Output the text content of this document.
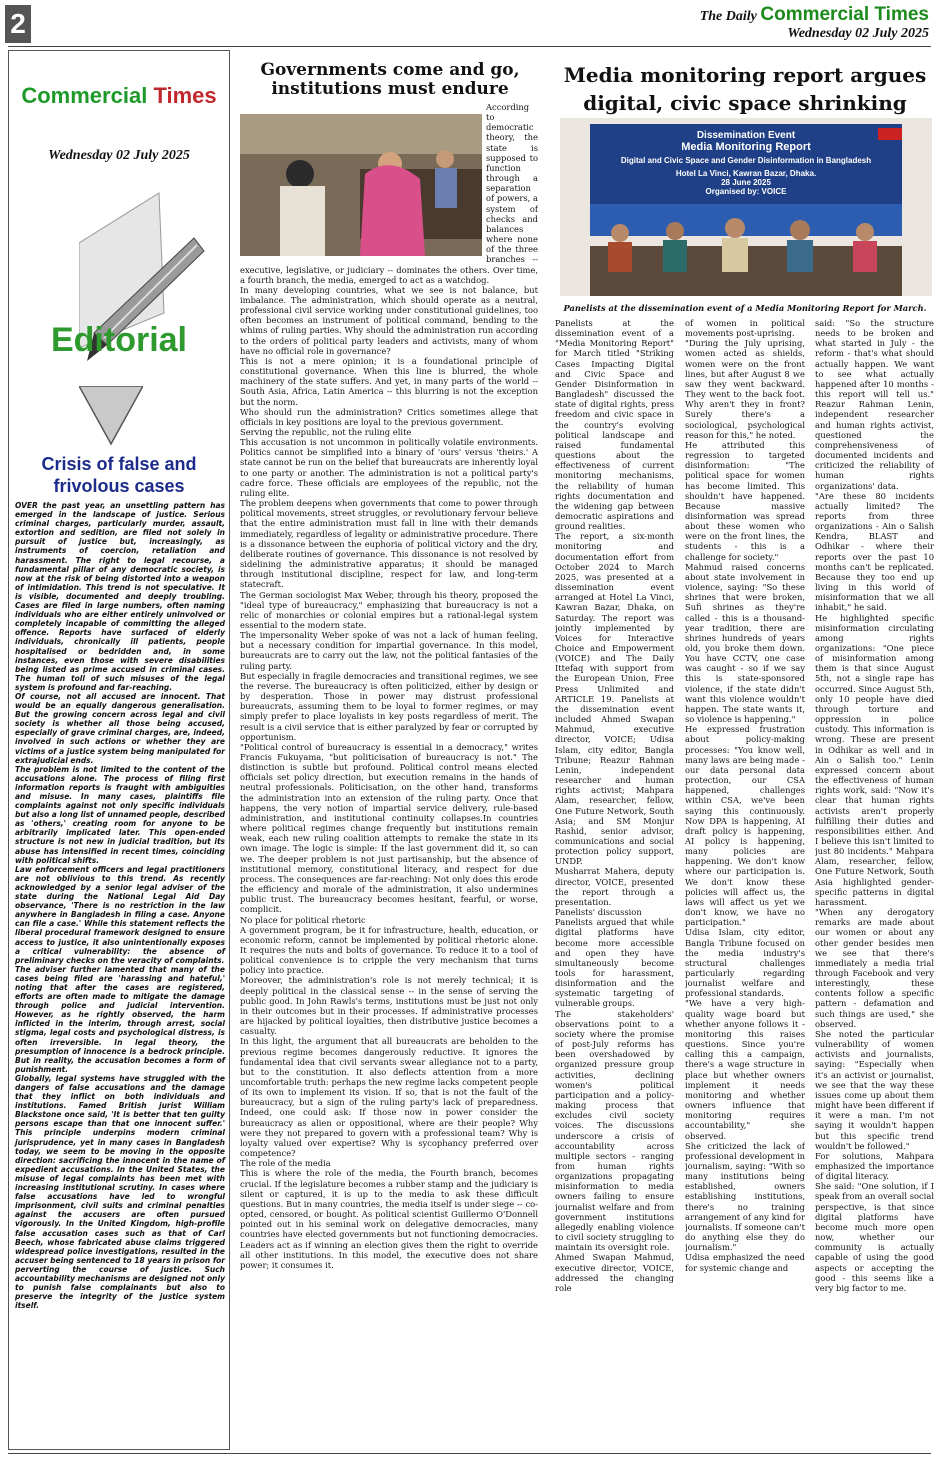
2	The Daily Commercial Times
Wednesday 02 July 2025
Commercial Times
Wednesday 02 July 2025
Editorial
Crisis of false and frivolous cases

OVER the past year, an unsettling pattern has emerged in the landscape of justice. Serious criminal charges, particularly murder, assault, extortion and sedition, are filed not solely in pursuit of justice but, increasingly, as instruments of coercion, retaliation and harassment. The right to legal recourse, a fundamental pillar of any democratic society, is now at the risk of being distorted into a weapon of intimidation. This trend is not speculative. It is visible, documented and deeply troubling. Cases are filed in large numbers, often naming individuals who are either entirely uninvolved or completely incapable of committing the alleged offence. Reports have surfaced of elderly individuals, chronically ill patients, people hospitalised or bedridden and, in some instances, even those with severe disabilities being listed as prime accused in criminal cases. The human toll of such misuses of the legal system is profound and far-reaching.

Of course, not all accused are innocent. That would be an equally dangerous generalisation. But the growing concern across legal and civil society is whether all those being accused, especially of grave criminal charges, are, indeed, involved in such actions or whether they are victims of a justice system being manipulated for extrajudicial ends.

The problem is not limited to the content of the accusations alone. The process of filing first information reports is fraught with ambiguities and misuse. In many cases, plaintiffs file complaints against not only specific individuals but also a long list of unnamed people, described as 'others,' creating room for anyone to be arbitrarily implicated later. This open-ended structure is not new in judicial tradition, but its abuse has intensified in recent times, coinciding with political shifts.

Law enforcement officers and legal practitioners are not oblivious to this trend. As recently acknowledged by a senior legal adviser of the state during the National Legal Aid Day observance, 'There is no restriction in the law anywhere in Bangladesh in filing a case. Anyone can file a case.' While this statement reflects the liberal procedural framework designed to ensure access to justice, it also unintentionally exposes a critical vulnerability: the absence of preliminary checks on the veracity of complaints.

The adviser further lamented that many of the cases being filed are 'harassing and hateful,' noting that after the cases are registered, efforts are often made to mitigate the damage through police and judicial intervention. However, as he rightly observed, the harm inflicted in the interim, through arrest, social stigma, legal costs and psychological distress, is often irreversible. In legal theory, the presumption of innocence is a bedrock principle. But in reality, the accusation becomes a form of punishment.

Globally, legal systems have struggled with the dangers of false accusations and the damage that they inflict on both individuals and institutions. Famed British jurist William Blackstone once said, 'It is better that ten guilty persons escape than that one innocent suffer.' This principle underpins modern criminal jurisprudence, yet in many cases in Bangladesh today, we seem to be moving in the opposite direction: sacrificing the innocent in the name of expedient accusations. In the United States, the misuse of legal complaints has been met with increasing institutional scrutiny. In cases where false accusations have led to wrongful imprisonment, civil suits and criminal penalties against the accusers are often pursued vigorously. In the United Kingdom, high-profile false accusation cases such as that of Carl Beech, whose fabricated abuse claims triggered widespread police investigations, resulted in the accuser being sentenced to 18 years in prison for perverting the course of justice. Such accountability mechanisms are designed not only to punish false complainants but also to preserve the integrity of the justice system itself.

Governments come and go, institutions must endure

According to democratic theory, the state is supposed to function through a separation of powers, a system of checks and balances where none of the three branches -- executive, legislative, or judiciary -- dominates the others. Over time, a fourth branch, the media, emerged to act as a watchdog.

In many developing countries, what we see is not balance, but imbalance. The administration, which should operate as a neutral, professional civil service working under constitutional guidelines, too often becomes an instrument of political command, bending to the whims of ruling parties. Why should the administration run according to the orders of political party leaders and activists, many of whom have no official role in governance?

This is not a mere opinion; it is a foundational principle of constitutional governance. When this line is blurred, the whole machinery of the state suffers. And yet, in many parts of the world -- South Asia, Africa, Latin America -- this blurring is not the exception but the norm.

Who should run the administration? Critics sometimes allege that officials in key positions are loyal to the previous government.

Serving the republic, not the ruling elite

This accusation is not uncommon in politically volatile environments. Politics cannot be simplified into a binary of 'ours' versus 'theirs.' A state cannot be run on the belief that bureaucrats are inherently loyal to one party or another. The administration is not a political party's cadre force. These officials are employees of the republic, not the ruling elite.

The problem deepens when governments that come to power through political movements, street struggles, or revolutionary fervour believe that the entire administration must fall in line with their demands immediately, regardless of legality or administrative procedure. There is a dissonance between the euphoria of political victory and the dry, deliberate routines of governance. This dissonance is not resolved by sidelining the administrative apparatus; it should be managed through institutional discipline, respect for law, and long-term statecraft.

The German sociologist Max Weber, through his theory, proposed the "ideal type of bureaucracy," emphasizing that bureaucracy is not a relic of monarchies or colonial empires but a rational-legal system essential to the modern state.

The impersonality Weber spoke of was not a lack of human feeling, but a necessary condition for impartial governance. In this model, bureaucrats are to carry out the law, not the political fantasies of the ruling party.

But especially in fragile democracies and transitional regimes, we see the reverse. The bureaucracy is often politicized, either by design or by desperation. Those in power may distrust professional bureaucrats, assuming them to be loyal to former regimes, or may simply prefer to place loyalists in key posts regardless of merit. The result is a civil service that is either paralyzed by fear or corrupted by opportunism.

"Political control of bureaucracy is essential in a democracy," writes Francis Fukuyama, "but politicisation of bureaucracy is not." The distinction is subtle but profound. Political control means elected officials set policy direction, but execution remains in the hands of neutral professionals. Politicisation, on the other hand, transforms the administration into an extension of the ruling party. Once that happens, the very notion of impartial service delivery, rule-based administration, and institutional continuity collapses.In countries where political regimes change frequently but institutions remain weak, each new ruling coalition attempts to remake the state in its own image. The logic is simple: If the last government did it, so can we. The deeper problem is not just partisanship, but the absence of institutional memory, constitutional literacy, and respect for due process. The consequences are far-reaching: Not only does this erode the efficiency and morale of the administration, it also undermines public trust. The bureaucracy becomes hesitant, fearful, or worse, complicit.

No place for political rhetoric

A government program, be it for infrastructure, health, education, or economic reform, cannot be implemented by political rhetoric alone. It requires the nuts and bolts of governance. To reduce it to a tool of political convenience is to cripple the very mechanism that turns policy into practice.

Moreover, the administration's role is not merely technical; it is deeply political in the classical sense -- in the sense of serving the public good. In John Rawls's terms, institutions must be just not only in their outcomes but in their processes. If administrative processes are hijacked by political loyalties, then distributive justice becomes a casualty.

In this light, the argument that all bureaucrats are beholden to the previous regime becomes dangerously reductive. It ignores the fundamental idea that civil servants swear allegiance not to a party, but to the constitution. It also deflects attention from a more uncomfortable truth: perhaps the new regime lacks competent people of its own to implement its vision. If so, that is not the fault of the bureaucracy, but a sign of the ruling party's lack of preparedness. Indeed, one could ask: If those now in power consider the bureaucracy as alien or oppositional, where are their people? Why were they not prepared to govern with a professional team? Why is loyalty valued over expertise? Why is sycophancy preferred over competence?

The role of the media

This is where the role of the media, the Fourth branch, becomes crucial. If the legislature becomes a rubber stamp and the judiciary is silent or captured, it is up to the media to ask these difficult questions. But in many countries, the media itself is under siege -- co-opted, censored, or bought. As political scientist Guillermo O'Donnell pointed out in his seminal work on delegative democracies, many countries have elected governments but not functioning democracies. Leaders act as if winning an election gives them the right to override all other institutions. In this model, the executive does not share power; it consumes it.

Media monitoring report argues digital, civic space shrinking
Dissemination Event
Media Monitoring Report
Digital and Civic Space and Gender Disinformation in Bangladesh
Hotel La Vinci, Kawran Bazar, Dhaka.
28 June 2025
Organised by: VOICE
Panelists at the dissemination event of a Media Monitoring Report for March.

Panelists at the dissemination event of a "Media Monitoring Report" for March titled "Striking Cases Impacting Digital and Civic Space and Gender Disinformation in Bangladesh" discussed the state of digital rights, press freedom and civic space in the country's evolving political landscape and raised fundamental questions about the effectiveness of current monitoring mechanisms, the reliability of human rights documentation and the widening gap between democratic aspirations and ground realities.

The report, a six-month monitoring and documentation effort from October 2024 to March 2025, was presented at a dissemination event arranged at Hotel La Vinci, Kawran Bazar, Dhaka, on Saturday. The report was jointly implemented by Voices for Interactive Choice and Empowerment (VOICE) and The Daily Ittefaq with support from the European Union, Free Press Unlimited and ARTICLE 19. Panelists at the dissemination event included Ahmed Swapan Mahmud, executive director, VOICE; Udisa Islam, city editor, Bangla Tribune; Reazur Rahman Lenin, independent researcher and human rights activist; Mahpara Alam, researcher, fellow, One Future Network, South Asia; and SM Monjur Rashid, senior advisor, communications and social protection policy support, UNDP.

Musharrat Mahera, deputy director, VOICE, presented the report through a presentation.

Panelists' discussion

Panelists argued that while digital platforms have become more accessible and open they have simultaneously become tools for harassment, disinformation and the systematic targeting of vulnerable groups.

The stakeholders' observations point to a society where the promise of post-July reforms has been overshadowed by organized pressure group activities, declining women's political participation and a policy-making process that excludes civil society voices. The discussions underscore a crisis of accountability across multiple sectors - ranging from human rights organizations propagating misinformation to media owners failing to ensure journalist welfare and from government institutions allegedly enabling violence to civil society struggling to maintain its oversight role.

Ahmed Swapan Mahmud, executive director, VOICE, addressed the changing role

of women in political movements post-uprising.

"During the July uprising, women acted as shields, women were on the front lines, but after August 8 we saw they went backward. They went to the back foot. Why aren't they in front? Surely there's a sociological, psychological reason for this," he noted.

He attributed this regression to targeted disinformation: "The political space for women has become limited. This shouldn't have happened. Because massive disinformation was spread about these women who were on the front lines, the students - this is a challenge for society."

Mahmud raised concerns about state involvement in violence, saying: "So these shrines that were broken, Sufi shrines as they're called - this is a thousand-year tradition, there are shrines hundreds of years old, you broke them down. You have CCTV, one case was caught - so if we say this is state-sponsored violence, if the state didn't want this violence wouldn't happen. The state wants it, so violence is happening."

He expressed frustration about policy-making processes: "You know well, many laws are being made - our data personal data protection, our CSA happened, challenges within CSA, we've been saying this continuously. Now DPA is happening, AI draft policy is happening, AI policy is happening, many policies are happening. We don't know where our participation is. We don't know these policies will affect us, the laws will affect us yet we don't know, we have no participation."

Udisa Islam, city editor, Bangla Tribune focused on the media industry's structural challenges particularly regarding journalist welfare and professional standards.

"We have a very high-quality wage board but whether anyone follows it - monitoring this raises questions. Since you're calling this a campaign, there's a wage structure in place but whether owners implement it needs monitoring and whether owners influence that monitoring requires accountability," she observed.

She criticized the lack of professional development in journalism, saying: "With so many institutions being established, owners establishing institutions, there's no training arrangement of any kind for journalists. If someone can't do anything else they do journalism."

Udisa emphasized the need for systemic change and

said: "So the structure needs to be broken and what started in July - the reform - that's what should actually happen. We want to see what actually happened after 10 months - this report will tell us." Reazur Rahman Lenin, independent researcher and human rights activist, questioned the comprehensiveness of documented incidents and criticized the reliability of human rights organizations' data.

"Are these 80 incidents actually limited? The reports from three organizations - Ain o Salish Kendra, BLAST and Odhikar - where their reports over the past 10 months can't be replicated. Because they too end up living in this world of misinformation that we all inhabit," he said.

He highlighted specific misinformation circulating among rights organizations: "One piece of misinformation among them is that since August 5th, not a single rape has occurred. Since August 5th, only 10 people have died through torture and oppression in police custody. This information is wrong. These are present in Odhikar as well and in Ain o Salish too." Lenin expressed concern about the effectiveness of human rights work, said: "Now it's clear that human rights activists aren't properly fulfilling their duties and responsibilities either. And I believe this isn't limited to just 80 incidents." Mahpara Alam, researcher, fellow, One Future Network, South Asia highlighted gender-specific patterns in digital harassment.

"When any derogatory remarks are made about our women or about any other gender besides men we see that there's immediately a media trial through Facebook and very interestingly, these contents follow a specific pattern - defamation and such things are used," she observed.

She noted the particular vulnerability of women activists and journalists, saying: "Especially when it's an activist or journalist, we see that the way these issues come up about them might have been different if it were a man. I'm not saying it wouldn't happen but this specific trend wouldn't be followed."

For solutions, Mahpara emphasized the importance of digital literacy.

She said: "One solution, if I speak from an overall social perspective, is that since digital platforms have become much more open now, whether our community is actually capable of using the good aspects or accepting the good - this seems like a very big factor to me.
